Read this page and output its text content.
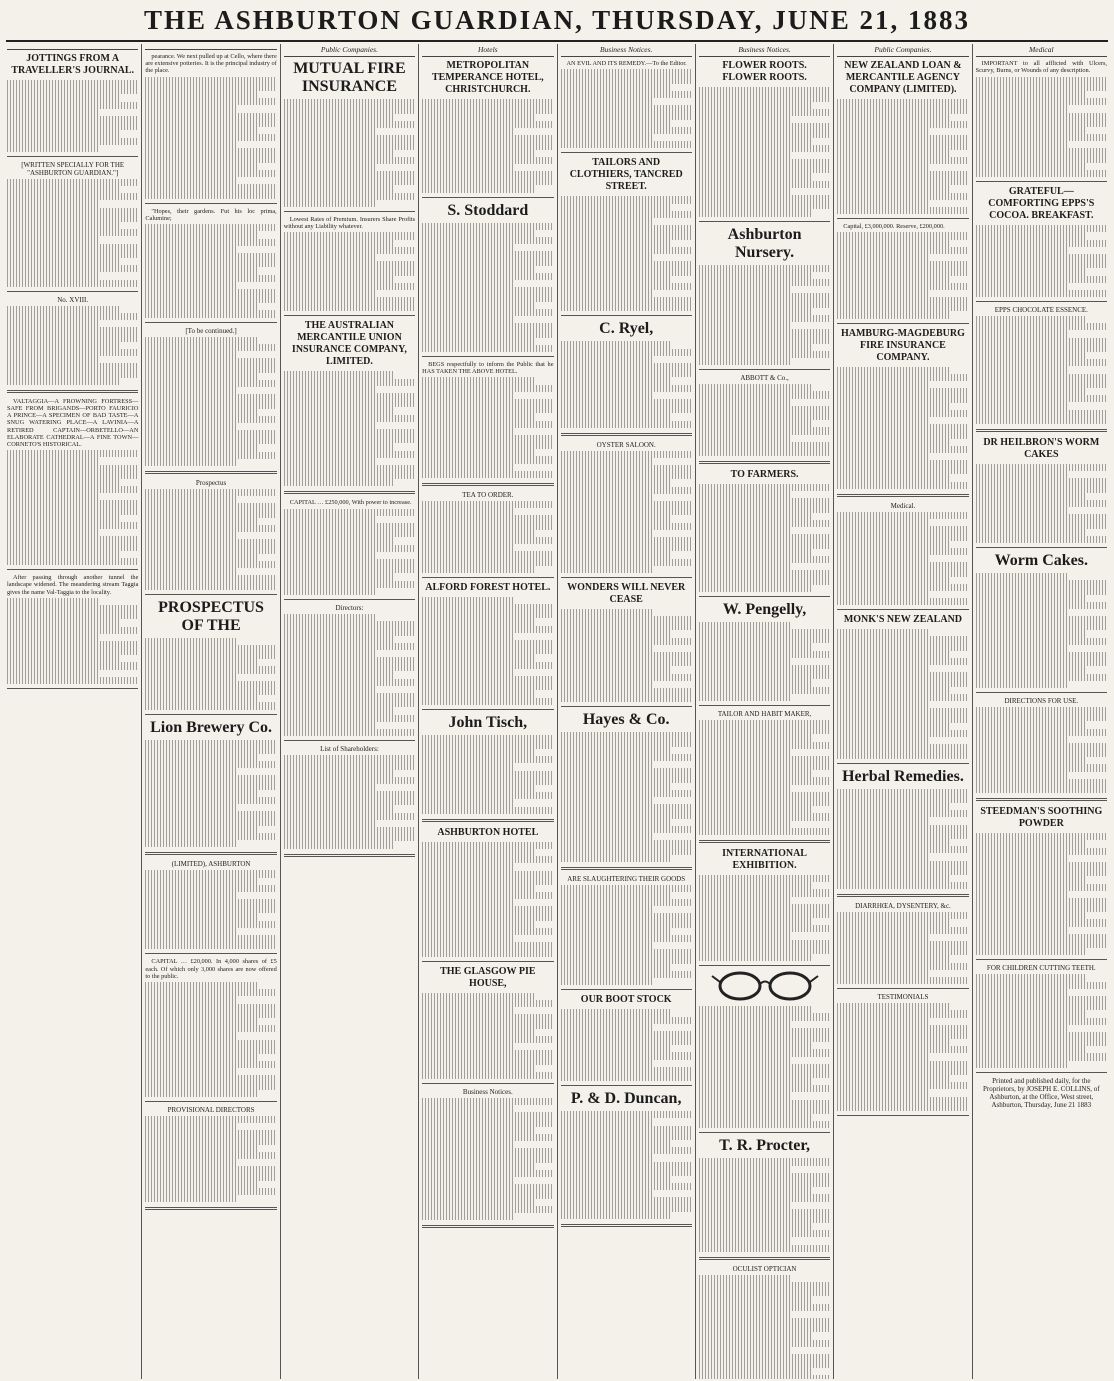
THE ASHBURTON GUARDIAN, THURSDAY, JUNE 21, 1883
JOTTINGS FROM A TRAVELLER'S JOURNAL.
[WRITTEN SPECIALLY FOR THE "ASHBURTON GUARDIAN."]
No. XVIII.
VALTAGGIA—A FROWNING FORTRESS—SAFE FROM BRIGANDS—PORTO FAURICIO A PRINCE—A SPECIMEN OF BAD TASTE—A SNUG WATERING PLACE—A LAVINIA—A RETIRED CAPTAIN—ORBETELLO—AN ELABORATE CATHEDRAL—A FINE TOWN—CORNETO'S HISTORICAL.
After passing through another tunnel the landscape widened. The meandering stream Taggia gives the name Val-Taggia to the locality.
pearance. We next pulled up at Cello, where there are extensive potteries. It is the principal industry of the place.
"Hopes, their gardens. Fut his loc prima, Calumine;
[To be continued.]
Prospectus
PROSPECTUS OF THE
Lion Brewery Co.
(LIMITED), ASHBURTON
CAPITAL … £20,000. In 4,000 shares of £5 each. Of which only 3,000 shares are now offered to the public.
PROVISIONAL DIRECTORS
Public Companies.
MUTUAL FIRE INSURANCE
Lowest Rates of Premium. Insurers Share Profits without any Liability whatever.
THE AUSTRALIAN MERCANTILE UNION INSURANCE COMPANY, LIMITED.
CAPITAL … £250,000, With power to increase.
Directors:
List of Shareholders:
Hotels
METROPOLITAN TEMPERANCE HOTEL, CHRISTCHURCH.
S. Stoddard
BEGS respectfully to inform the Public that he HAS TAKEN THE ABOVE HOTEL.
TEA TO ORDER.
ALFORD FOREST HOTEL.
John Tisch,
ASHBURTON HOTEL
THE GLASGOW PIE HOUSE,
Business Notices.
Business Notices.
AN EVIL AND ITS REMEDY.—To the Editor.
TAILORS AND CLOTHIERS, TANCRED STREET.
C. Ryel,
OYSTER SALOON.
WONDERS WILL NEVER CEASE
Hayes & Co.
ARE SLAUGHTERING THEIR GOODS
OUR BOOT STOCK
P. & D. Duncan,
Business Notices.
FLOWER ROOTS. FLOWER ROOTS.
Ashburton Nursery.
ABBOTT & Co.,
TO FARMERS.
W. Pengelly,
TAILOR AND HABIT MAKER,
INTERNATIONAL EXHIBITION.
T. R. Procter,
OCULIST OPTICIAN
Public Companies.
NEW ZEALAND LOAN & MERCANTILE AGENCY COMPANY (LIMITED).
Capital, £3,000,000. Reserve, £200,000.
HAMBURG-MAGDEBURG FIRE INSURANCE COMPANY.
Medical.
MONK'S NEW ZEALAND
Herbal Remedies.
DIARRHŒA, DYSENTERY, &c.
TESTIMONIALS
Medical
IMPORTANT to all afflicted with Ulcers, Scurvy, Burns, or Wounds of any description.
GRATEFUL—COMFORTING EPPS'S COCOA. BREAKFAST.
EPPS CHOCOLATE ESSENCE.
DR HEILBRON'S WORM CAKES
Worm Cakes.
DIRECTIONS FOR USE.
STEEDMAN'S SOOTHING POWDER
FOR CHILDREN CUTTING TEETH.
Printed and published daily, for the Proprietors, by JOSEPH E. COLLINS, of Ashburton, at the Office, West street, Ashburton, Thursday, June 21 1883
